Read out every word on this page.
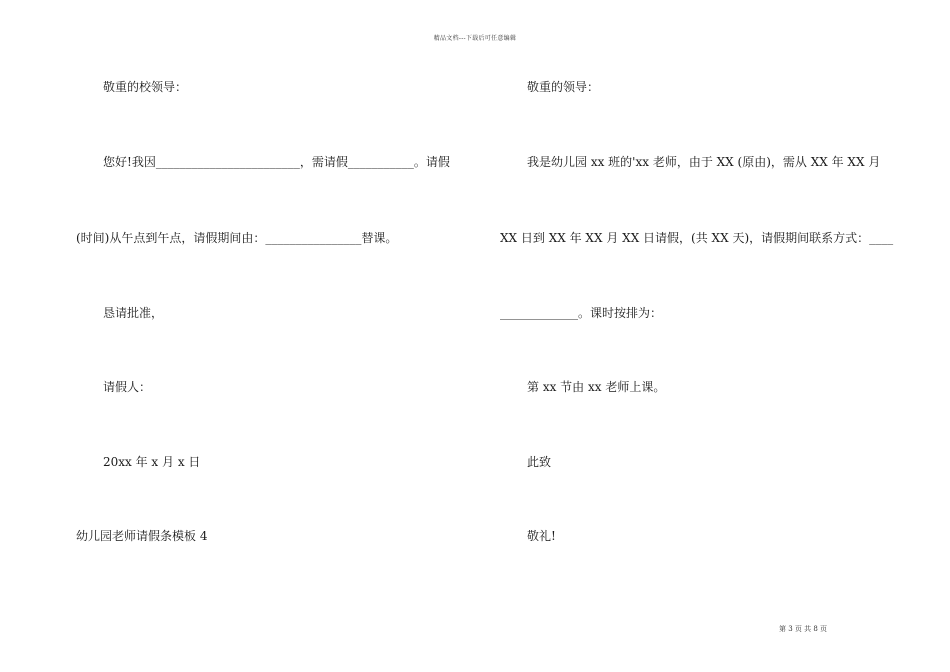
精品文档---下载后可任意编辑
敬重的校领导：
您好!我因________________________，需请假___________。请假
(时间)从午点到午点，请假期间由：________________替课。
恳请批准，
请假人：
20xx 年 x 月 x 日
幼儿园老师请假条模板 4
敬重的领导：
我是幼儿园 xx 班的'xx 老师，由于 XX (原由)，需从 XX 年 XX 月
XX 日到 XX 年 XX 月 XX 日请假，(共 XX 天)，请假期间联系方式：____
_____________。课时按排为：
第 xx 节由 xx 老师上课。
此致
敬礼!
第 3 页 共 8 页
